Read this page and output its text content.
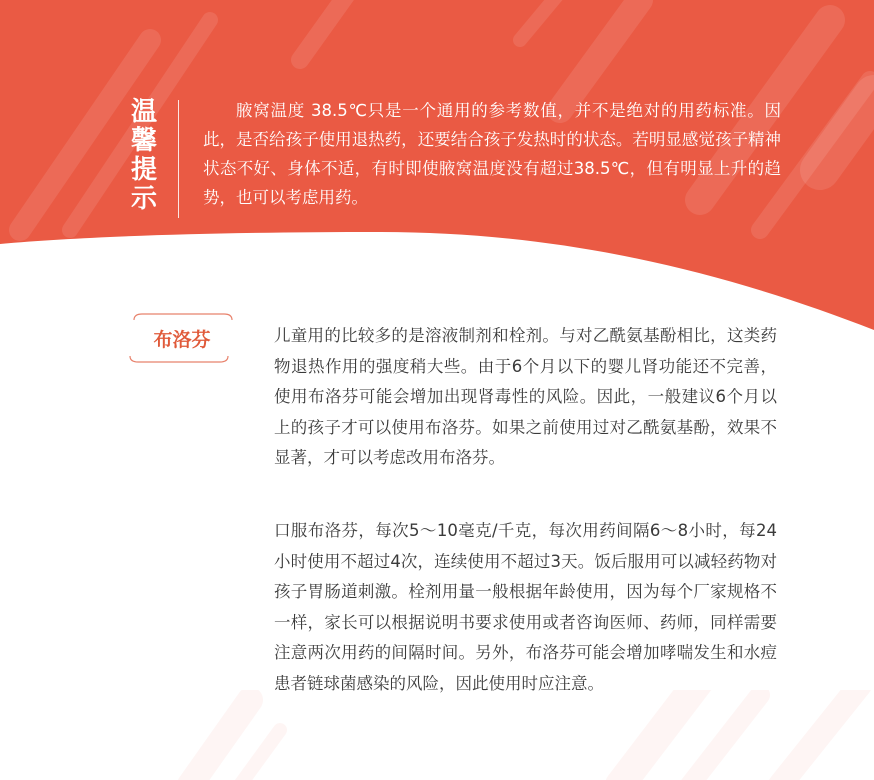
温
馨
提
示
腋窝温度 38.5℃只是一个通用的参考数值，并不是绝对的用药标准。因此，是否给孩子使用退热药，还要结合孩子发热时的状态。若明显感觉孩子精神状态不好、身体不适，有时即使腋窝温度没有超过38.5℃，但有明显上升的趋势，也可以考虑用药。
布洛芬	儿童用的比较多的是溶液制剂和栓剂。与对乙酰氨基酚相比，这类药物退热作用的强度稍大些。由于6个月以下的婴儿肾功能还不完善，使用布洛芬可能会增加出现肾毒性的风险。因此，一般建议6个月以上的孩子才可以使用布洛芬。如果之前使用过对乙酰氨基酚，效果不显著，才可以考虑改用布洛芬。
口服布洛芬，每次5～10毫克/千克，每次用药间隔6～8小时，每24小时使用不超过4次，连续使用不超过3天。饭后服用可以减轻药物对孩子胃肠道刺激。栓剂用量一般根据年龄使用，因为每个厂家规格不一样，家长可以根据说明书要求使用或者咨询医师、药师，同样需要注意两次用药的间隔时间。另外，布洛芬可能会增加哮喘发生和水痘患者链球菌感染的风险，因此使用时应注意。
